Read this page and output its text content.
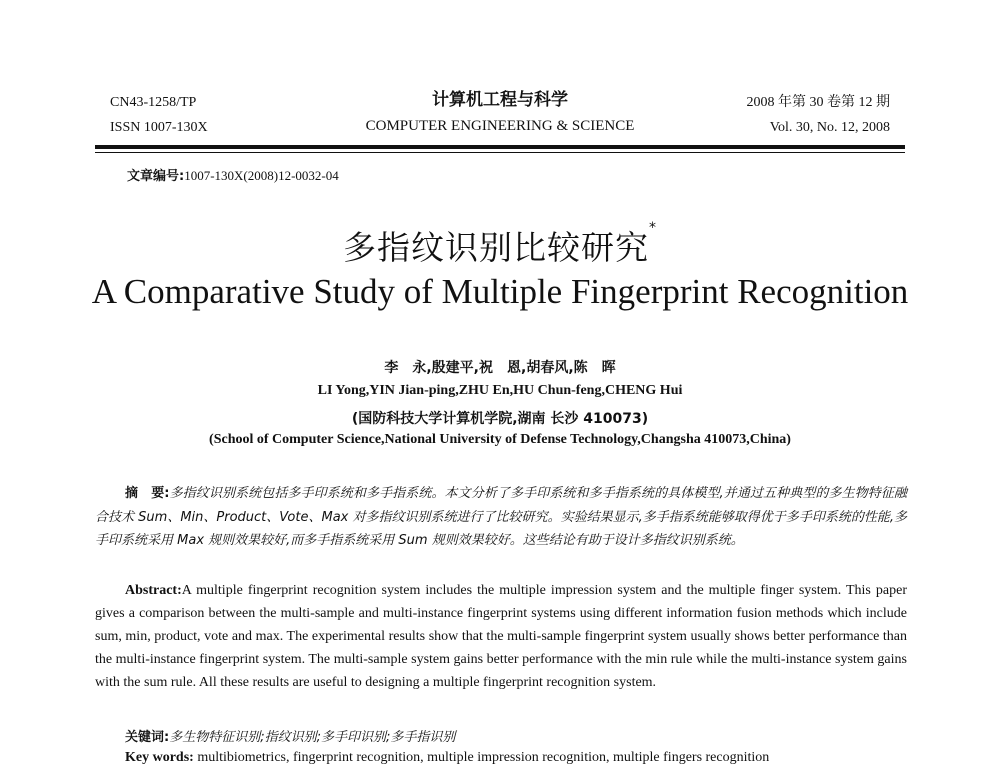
CN43-1258/TP
ISSN 1007-130X
计算机工程与科学
COMPUTER ENGINEERING & SCIENCE
2008 年第 30 卷第 12 期
Vol. 30, No. 12, 2008
文章编号:1007-130X(2008)12-0032-04
多指纹识别比较研究*
A Comparative Study of Multiple Fingerprint Recognition
李　永,殷建平,祝　恩,胡春风,陈　晖
LI Yong,YIN Jian-ping,ZHU En,HU Chun-feng,CHENG Hui
(国防科技大学计算机学院,湖南 长沙 410073)
(School of Computer Science,National University of Defense Technology,Changsha 410073,China)
摘　要:多指纹识别系统包括多手印系统和多手指系统。本文分析了多手印系统和多手指系统的具体模型,并通过五种典型的多生物特征融合技术 Sum、Min、Product、Vote、Max 对多指纹识别系统进行了比较研究。实验结果显示,多手指系统能够取得优于多手印系统的性能,多手印系统采用 Max 规则效果较好,而多手指系统采用 Sum 规则效果较好。这些结论有助于设计多指纹识别系统。
Abstract:A multiple fingerprint recognition system includes the multiple impression system and the multiple finger system. This paper gives a comparison between the multi-sample and multi-instance fingerprint systems using different information fusion methods which include sum, min, product, vote and max. The experimental results show that the multi-sample fingerprint system usually shows better performance than the multi-instance fingerprint system. The multi-sample system gains better performance with the min rule while the multi-instance system gains with the sum rule. All these results are useful to designing a multiple fingerprint recognition system.
关键词:多生物特征识别;指纹识别;多手印识别;多手指识别
Key words: multibiometrics, fingerprint recognition, multiple impression recognition, multiple fingers recognition
